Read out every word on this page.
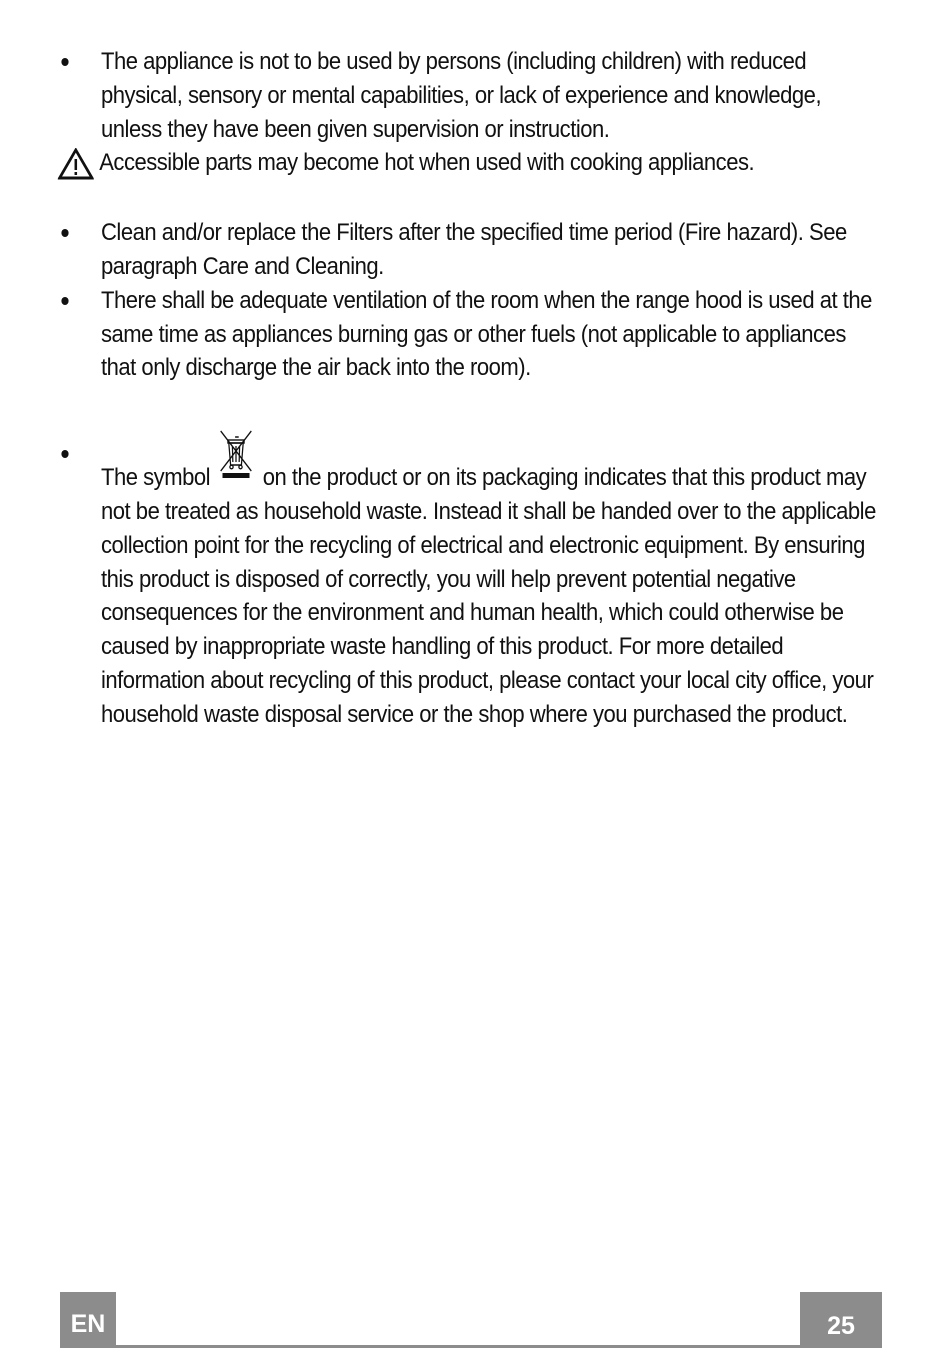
The appliance is not to be used by persons (including children) with reduced physical, sensory or mental capabilities, or lack of experience and knowledge, unless they have been given supervision or instruction.
Accessible parts may become hot when used with cooking appliances.
Clean and/or replace the Filters after the specified time period (Fire hazard). See paragraph Care and Cleaning.
There shall be adequate ventilation of the room when the range hood is used at the same time as appliances burning gas or other fuels (not applicable to appliances that only discharge the air back into the room).
The symbol on the product or on its packaging indicates that this product may not be treated as household waste. Instead it shall be handed over to the applicable collection point for the recycling of electrical and electronic equipment. By ensuring this product is disposed of correctly, you will help prevent potential negative consequences for the environment and human health, which could otherwise be caused by inappropriate waste handling of this product. For more detailed information about recycling of this product, please contact your local city office, your household waste disposal service or the shop where you purchased the product.
EN	25
